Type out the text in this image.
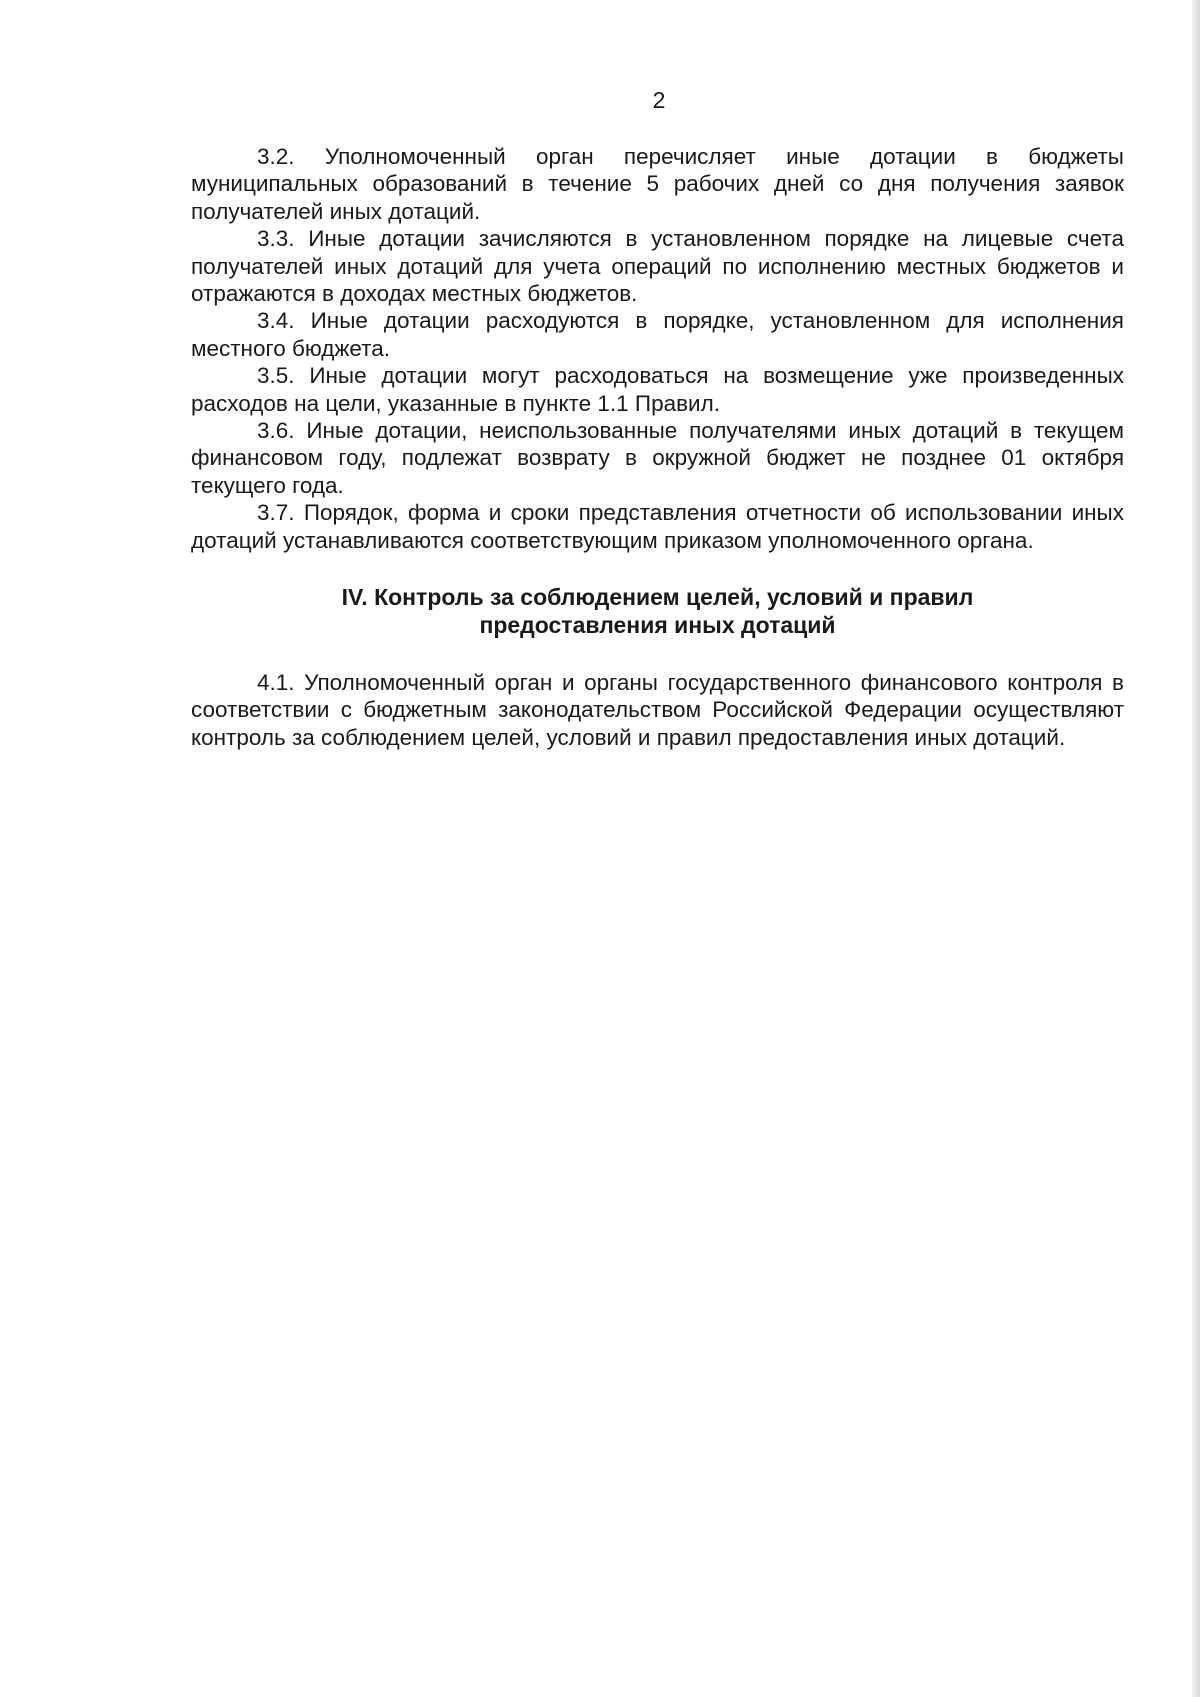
2

3.2. Уполномоченный орган перечисляет иные дотации в бюджеты муниципальных образований в течение 5 рабочих дней со дня получения заявок получателей иных дотаций.

3.3. Иные дотации зачисляются в установленном порядке на лицевые счета получателей иных дотаций для учета операций по исполнению местных бюджетов и отражаются в доходах местных бюджетов.

3.4. Иные дотации расходуются в порядке, установленном для исполнения местного бюджета.

3.5. Иные дотации могут расходоваться на возмещение уже произведенных расходов на цели, указанные в пункте 1.1 Правил.

3.6. Иные дотации, неиспользованные получателями иных дотаций в текущем финансовом году, подлежат возврату в окружной бюджет не позднее 01 октября текущего года.

3.7. Порядок, форма и сроки представления отчетности об использовании иных дотаций устанавливаются соответствующим приказом уполномоченного органа.

IV. Контроль за соблюдением целей, условий и правил
предоставления иных дотаций

4.1. Уполномоченный орган и органы государственного финансового контроля в соответствии с бюджетным законодательством Российской Федерации осуществляют контроль за соблюдением целей, условий и правил предоставления иных дотаций.
